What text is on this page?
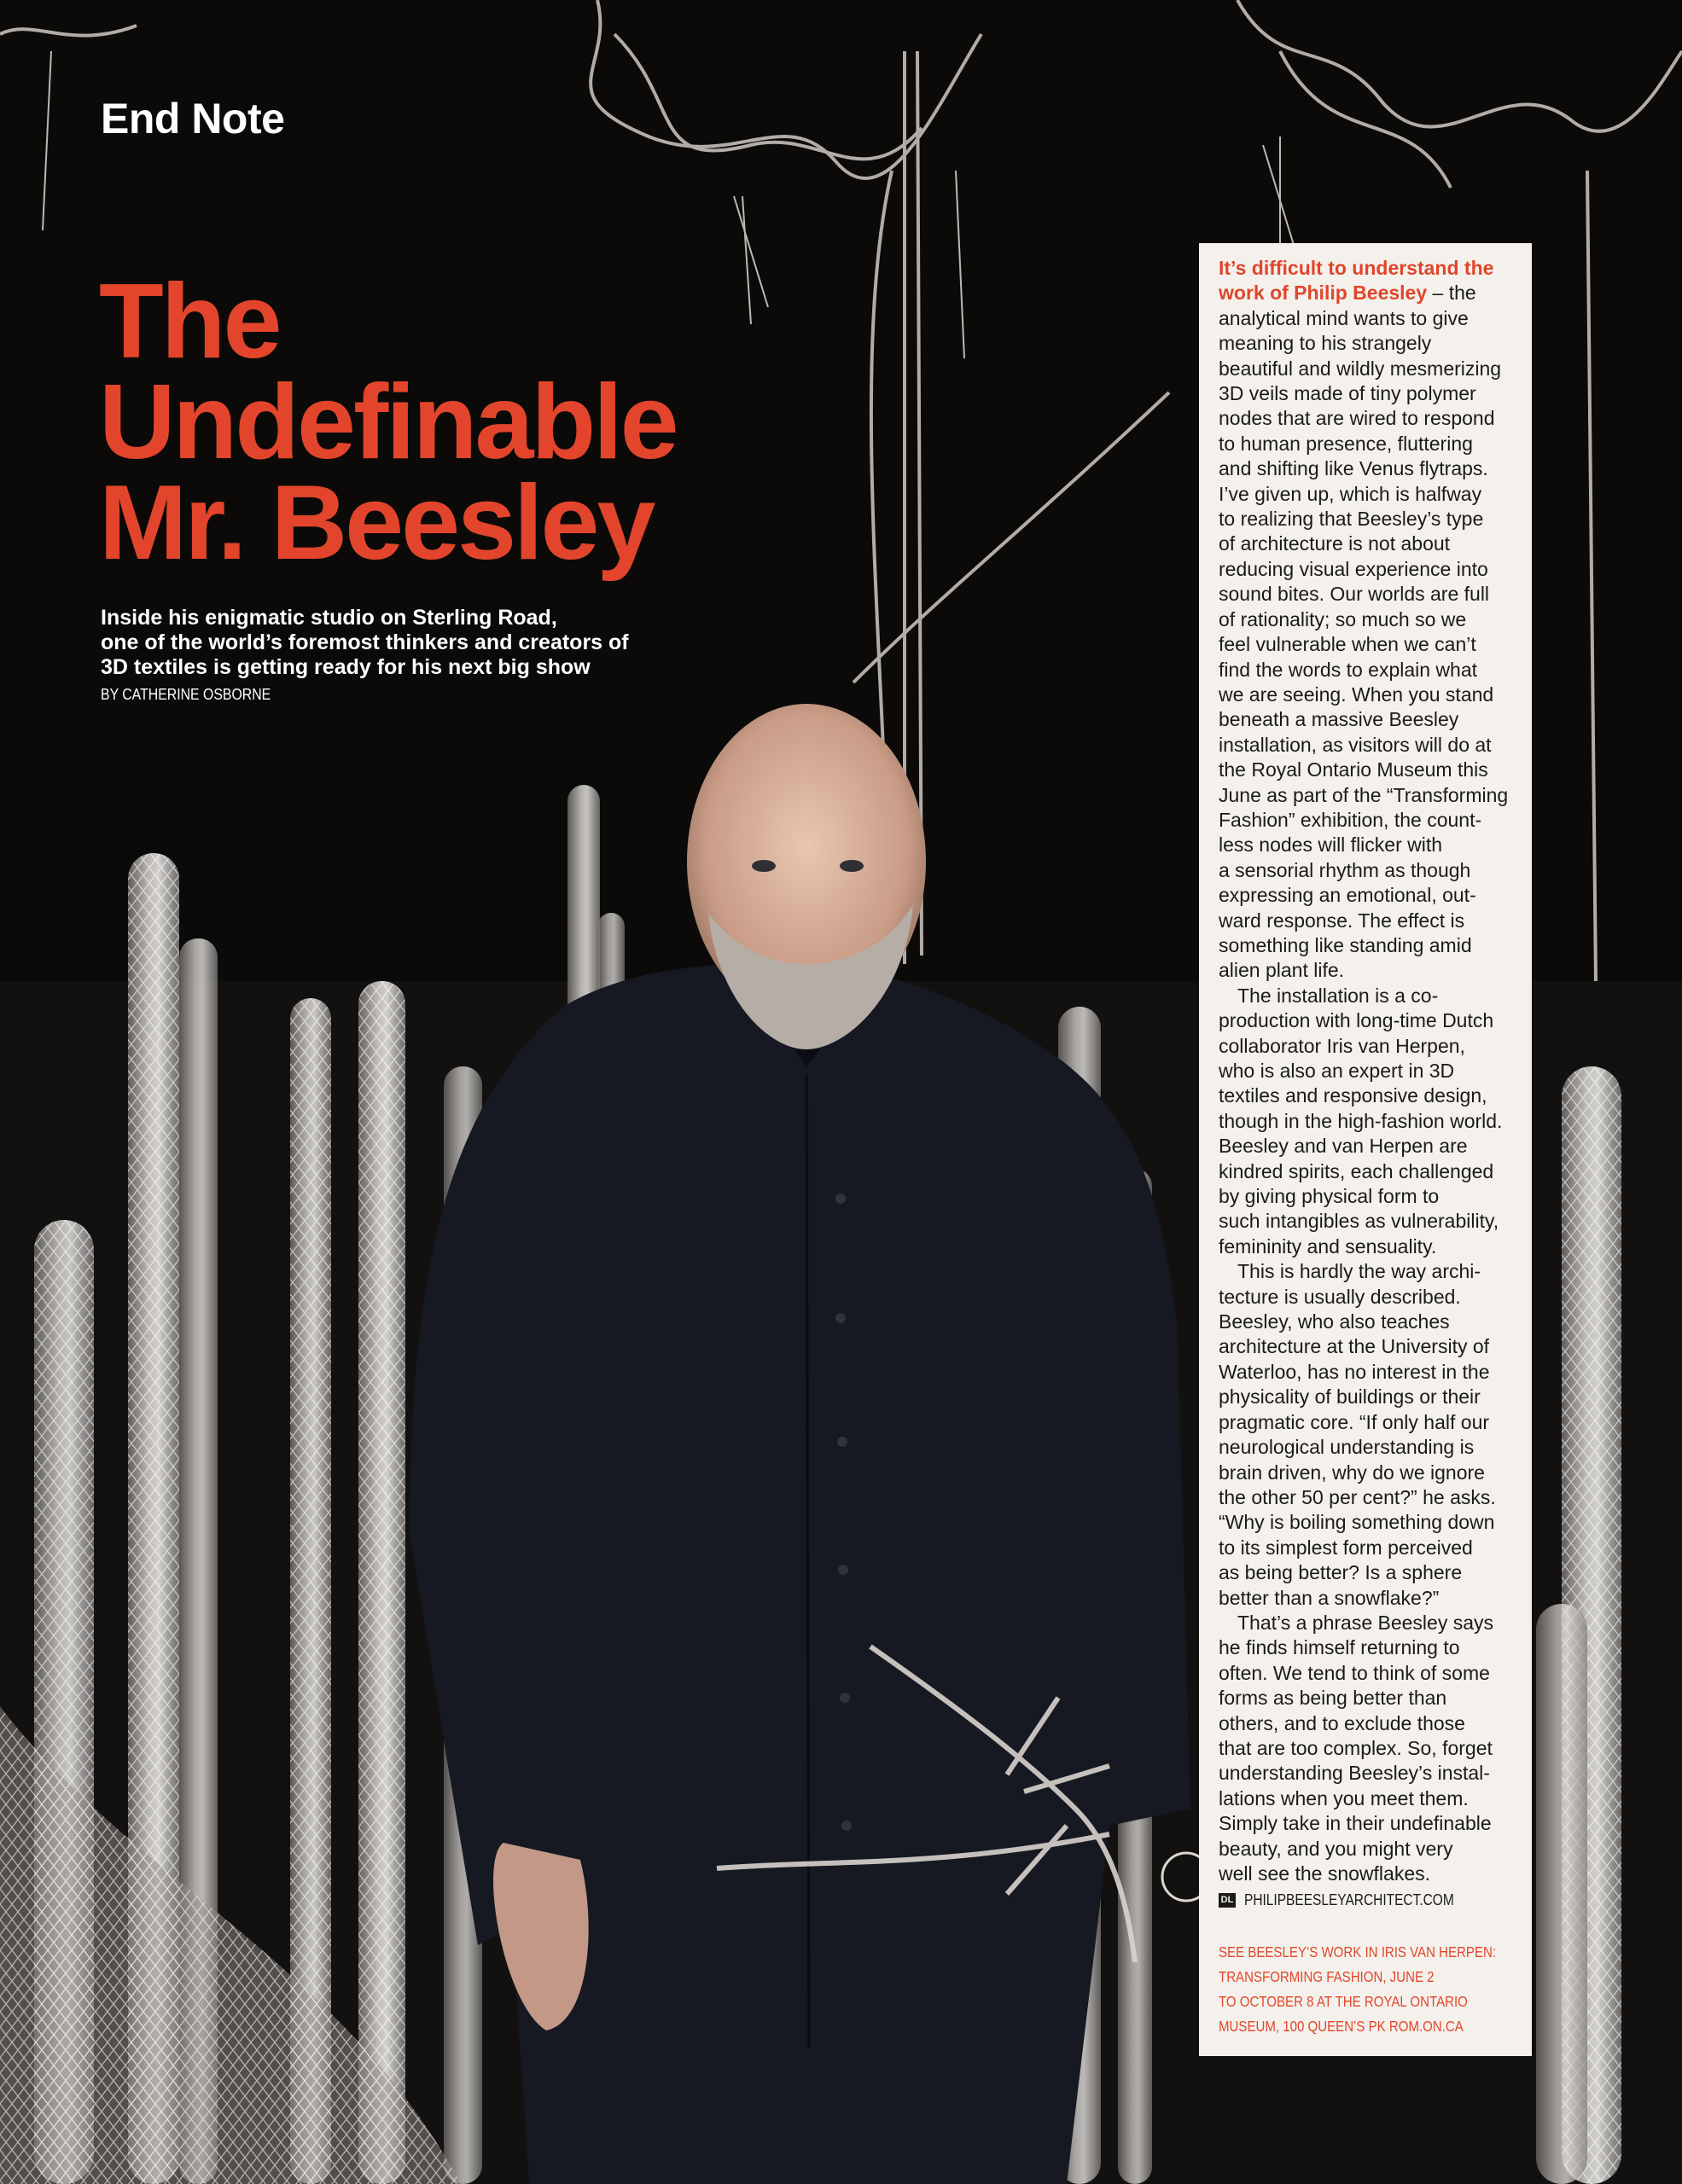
End Note
The
Undefinable
Mr. Beesley
Inside his enigmatic studio on Sterling Road,
one of the world’s foremost thinkers and creators of
3D textiles is getting ready for his next big show
BY CATHERINE OSBORNE
It’s difficult to understand the
work of Philip Beesley – the
analytical mind wants to give
meaning to his strangely
beautiful and wildly mesmerizing
3D veils made of tiny polymer
nodes that are wired to respond
to human presence, fluttering
and shifting like Venus flytraps.
I’ve given up, which is halfway
to realizing that Beesley’s type
of architecture is not about
reducing visual experience into
sound bites. Our worlds are full
of rationality; so much so we
feel vulnerable when we can’t
find the words to explain what
we are seeing. When you stand
beneath a massive Beesley
installation, as visitors will do at
the Royal Ontario Museum this
June as part of the “Transforming
Fashion” exhibition, the count-
less nodes will flicker with
a sensorial rhythm as though
expressing an emotional, out-
ward response. The effect is
something like standing amid
alien plant life.
The installation is a co-
production with long-time Dutch
collaborator Iris van Herpen,
who is also an expert in 3D
textiles and responsive design,
though in the high-fashion world.
Beesley and van Herpen are
kindred spirits, each challenged
by giving physical form to
such intangibles as vulnerability,
femininity and sensuality.
This is hardly the way archi-
tecture is usually described.
Beesley, who also teaches
architecture at the University of
Waterloo, has no interest in the
physicality of buildings or their
pragmatic core. “If only half our
neurological understanding is
brain driven, why do we ignore
the other 50 per cent?” he asks.
“Why is boiling something down
to its simplest form perceived
as being better? Is a sphere
better than a snowflake?”
That’s a phrase Beesley says
he finds himself returning to
often. We tend to think of some
forms as being better than
others, and to exclude those
that are too complex. So, forget
understanding Beesley’s instal-
lations when you meet them.
Simply take in their undefinable
beauty, and you might very
well see the snowflakes.
DL PHILIPBEESLEYARCHITECT.COM
SEE BEESLEY’S WORK IN IRIS VAN HERPEN:
TRANSFORMING FASHION, JUNE 2
TO OCTOBER 8 AT THE ROYAL ONTARIO
MUSEUM, 100 QUEEN’S PK ROM.ON.CA
